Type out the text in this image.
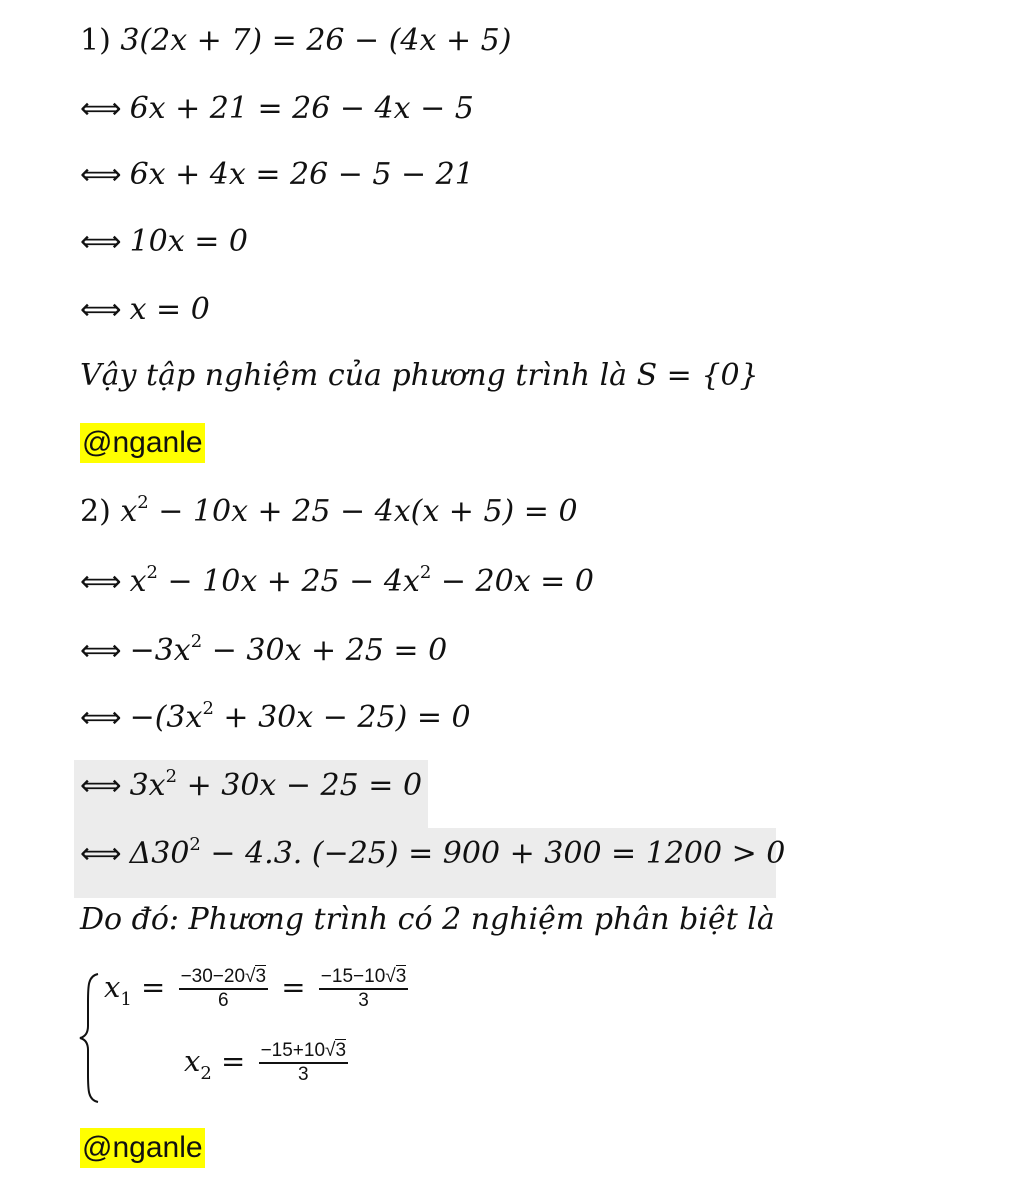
1) 3(2x + 7) = 26 − (4x + 5)
⟺ 6x + 21 = 26 − 4x − 5
⟺ 6x + 4x = 26 − 5 − 21
⟺ 10x = 0
⟺ x = 0
Vậy tập nghiệm của phương trình là S = {0}
@nganle
2) $x^2 - 10x + 25 - 4x(x + 5) = 0$
⟺ $x^2 - 10x + 25 - 4x^2 - 20x = 0$
⟺ $-3x^2 - 30x + 25 = 0$
⟺ $-(3x^2 + 30x - 25) = 0$
⟺ $3x^2 + 30x - 25 = 0$
⟺ $\Delta 30^2 - 4.3$. (−25) = 900 + 300 = 1200 > 0
Do đó: Phương trình có 2 nghiệm phân biệt là
$x_1 = \frac{-30-20√3}{6} = \frac{-15-10√3}{3}$
$x_2 = \frac{-15+10√3}{3}$
@nganle
